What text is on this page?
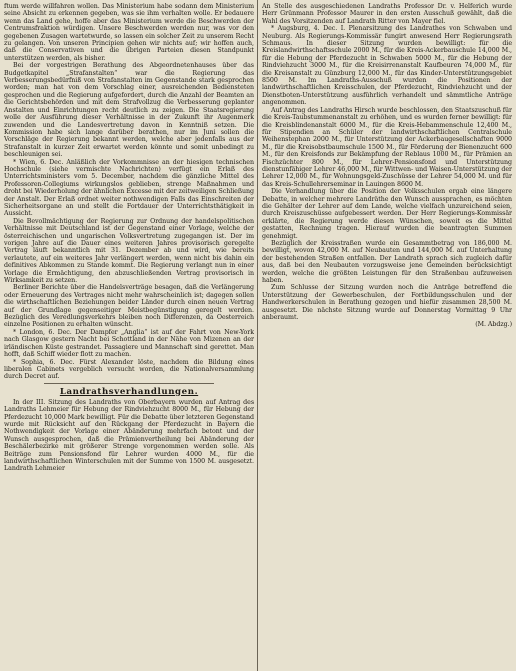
ftum werde willfahren wollen. Das Ministerium habe sodann dem Ministerium seine Absicht zu erkennen gegeben, was sie ihm verhalten wolle. Er bedauere wenn das Land gehe, hoffe aber das Ministerium werde die Beschwerden der Centrumsfraktion würdigen. Unsere Beschwerden werden nur, was vor den gegebenen Zusagen wartetwurde, so lassen ein solcher Zeit zu unserem Recht zu gelangen. Von unseren Principien gehen wir nichts auf; wir hoffen auch, daß die Conservativen und die übrigen Parteien diesen Standpunkt unterstützen werden, als bisher.

Bei der vorgestrigen Berathung des Abgeordnetenhauses über das Budgetkapitel „Strafanstalten“ war die Regierung das Verbesserungsbedürfniß von Strafanstalten im Gegenstande stark gesprochen worden; man hat von dem Vorschlag einer, ausreichenden Bediensteten gesprochen und die Regierung aufgefordert, durch die Anzahl der Beamten an die Gerichtsbehörden und mit dem Strafvollzug die Verbesserung geplanter Anstalten und Einrichtungen recht deutlich zu zeigen. Die Staatsregierung wolle der Ausführung dieser Verhältnisse in der Zukunft ihr Augenmerk zuwenden und die Landesvertretung davon in Kenntniß setzen. Die Kommission habe sich lange darüber berathen, nur im Juni sollen die Vorschläge der Regierung bekannt werden, welche aber jedenfalls aus der Strafanstalt in kurzer Zeit erwartet werden könnte und somit unbedingt zu beschleunigen sei.

* Wien, 6. Dec. Anläßlich der Vorkommnisse an der hiesigen technischen Hochschule (siehe vermischte Nachrichten) verfügt ein Erlaß des Unterrichtsministers vom 5. December, nachdem die gänzliche Mittel des Professoren-Collegiums wirkungslos geblieben, strenge Maßnahmen und droht bei Wiederholung der ähnlichen Excesse mit der zeitweiligen Schließung der Anstalt. Der Erlaß ordnet weiter nothwendigen Falls das Einschreiten der Sicherheitsorgane an und stellt die Fortdauer der Unterrichtsthätigkeit in Aussicht.

Die Bevollmächtigung der Regierung zur Ordnung der handelspolitischen Verhältnisse mit Deutschland ist der Gegenstand einer Vorlage, welche der österreichischen und ungarischen Volksvertretung zugegangen ist. Der im vorigen Jahre auf die Dauer eines weiteren Jahres provisorisch geregelte Vertrag läuft bekanntlich mit 31. Dezember ab und wird, wie bereits verlautete, auf ein weiteres Jahr verlängert werden, wenn nicht bis dahin ein definitives Abkommen zu Stande kommt. Die Regierung verlangt nun in einer Vorlage die Ermächtigung, den abzuschließenden Vertrag provisorisch in Wirksamkeit zu setzen.

Berliner Berichte über die Handelsverträge besagen, daß die Verlängerung oder Erneuerung des Vertrages nicht mehr wahrscheinlich ist; dagegen sollen die wirthschaftlichen Beziehungen beider Länder durch einen neuen Vertrag auf der Grundlage gegenseitiger Meistbegünstigung geregelt werden. Bezüglich des Veredlungsverkehrs bleiben noch Differenzen, da Oesterreich einzelne Positionen zu erhalten wünscht.

* London, 6. Dec. Der Dampfer „Anglia“ ist auf der Fahrt von New-York nach Glasgow gestern Nacht bei Schottland in der Nähe von Mizenen an der irländischen Küste gestrandet. Passagiere und Mannschaft sind gerettet. Man hofft, daß Schiff wieder flott zu machen.

* Sophia, 6. Dec. Fürst Alexander löste, nachdem die Bildung eines liberalen Cabinets vergeblich versucht worden, die Nationalversammlung durch Decret auf.

Landrathsverhandlungen.

In der III. Sitzung des Landraths von Oberbayern wurden auf Antrag des Landraths Lehmeier für Hebung der Rindviehzucht 8000 M., für Hebung der Pferdezucht 10,000 Mark bewilligt. Für die Debatte über letzteren Gegenstand wurde mit Rücksicht auf den Rückgang der Pferdezucht in Bayern die Nothwendigkeit der Vorlage einer Abänderung mehrfach betont und der Wunsch ausgesprochen, daß die Prämienvertheilung bei Abänderung der Beschälerbezirke mit größerer Strenge vorgenommen werden solle. Als Beiträge zum Pensionsfond für Lehrer wurden 4000 M., für die landwirthschaftlichen Winterschulen mit der Summe von 1500 M. ausgesetzt. Landrath Lehmeier

An Stelle des ausgeschiedenen Landraths Professor Dr. v. Helferich wurde Herr Grünmann Professor Maurer in den ersten Ausschuß gewählt, daß die Wahl des Vorsitzenden auf Landrath Ritter von Mayer fiel.

* Augsburg, 4. Dec. I. Plenarsitzung des Landrathes von Schwaben und Neuburg. Als Regierungs-Kommissär fungirt anwesend Herr Regierungsrath Schmaus. In dieser Sitzung wurden bewilligt: für die Kreislandwirthschaftsschule 2000 M., für die Kreis-Ackerbauschule 14,000 M., für die Hebung der Pferdezucht in Schwaben 5000 M., für die Hebung der Rindviehzucht 3000 M., für die Kreisirrenanstalt Kaufbeuren 74,000 M., für die Kreisanstalt zu Günzburg 12,000 M., für das Kinder-Unterstützungsgebiet 8500 M. Im Landraths-Ausschuß wurden die Positionen der landwirthschaftlichen Kreisschulen, der Pferdezucht, Rindviehzucht und der Dienstboten-Unterstützung ausführlich verhandelt und sämmtliche Anträge angenommen.

Auf Antrag des Landraths Hirsch wurde beschlossen, den Staatszuschuß für die Kreis-Taubstummenanstalt zu erhöhen, und es wurden ferner bewilligt: für die Kreisblindenanstalt 6000 M., für die Kreis-Hebammenschule 12,400 M., für Stipendien an Schüler der landwirthschaftlichen Centralschule Weihenstephan 2000 M., für Unterstützung der Ackerbaugesellschaften 9000 M., für die Kreisobstbaumschule 1500 M., für Förderung der Bienenzucht 600 M., für den Kreisfonds zur Bekämpfung der Reblaus 1000 M., für Prämien an Fischzüchter 800 M., für Lehrer-Pensionsfond und Unterstützung dienstunfähiger Lehrer 46,000 M., für Wittwen- und Waisen-Unterstützung der Lehrer 12,000 M., für Wohnungsgeld-Zuschüsse der Lehrer 54,000 M. und für das Kreis-Schullehrerseminar in Lauingen 8600 M.

Die Verhandlung über die Position der Volksschulen ergab eine längere Debatte, in welcher mehrere Landräthe den Wunsch aussprachen, es möchten die Gehälter der Lehrer auf dem Lande, welche vielfach unzureichend seien, durch Kreiszuschüsse aufgebessert werden. Der Herr Regierungs-Kommissär erklärte, die Regierung werde diesen Wünschen, soweit es die Mittel gestatten, Rechnung tragen. Hierauf wurden die beantragten Summen genehmigt.

Bezüglich der Kreisstraßen wurde ein Gesammtbetrag von 186,000 M. bewilligt, wovon 42,000 M. auf Neubauten und 144,000 M. auf Unterhaltung der bestehenden Straßen entfallen. Der Landrath sprach sich zugleich dafür aus, daß bei den Neubauten vorzugsweise jene Gemeinden berücksichtigt werden, welche die größten Leistungen für den Straßenbau aufzuweisen haben.

Zum Schlusse der Sitzung wurden noch die Anträge betreffend die Unterstützung der Gewerbeschulen, der Fortbildungsschulen und der Handwerkerschulen in Berathung gezogen und hiefür zusammen 28,500 M. ausgesetzt. Die nächste Sitzung wurde auf Donnerstag Vormittag 9 Uhr anberaumt.

(M. Abdzg.)
